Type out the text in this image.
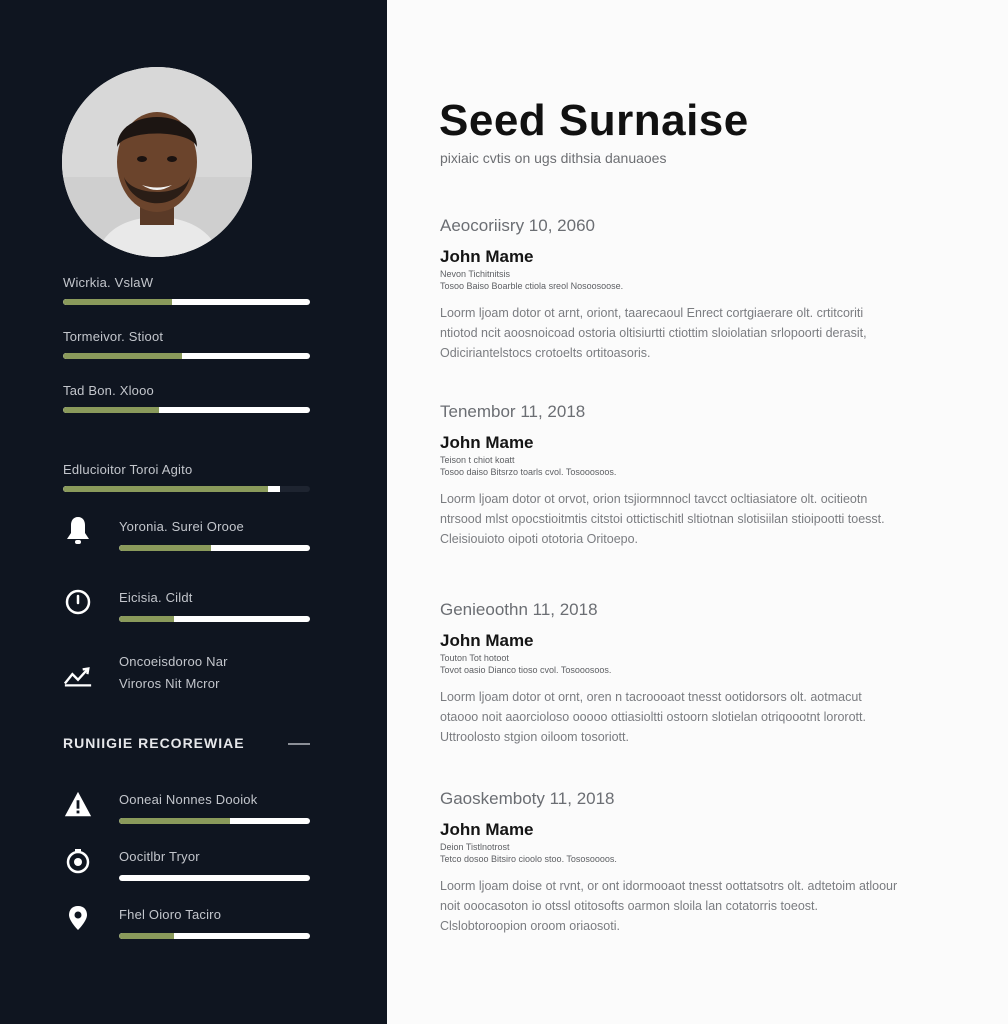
Wicrkia. VslaW
Tormeivor. Stioot
Tad Bon. Xlooo
Edlucioitor Toroi Agito
Yoronia. Surei Orooe
Eicisia. Cildt
Oncoeisdoroo Nar
Viroros Nit Mcror
RUNIIGIE RECOREWIAE
Ooneai Nonnes Dooiok
Oocitlbr Tryor
Fhel Oioro Taciro
Seed Surnaise
pixiaic cvtis on ugs dithsia danuaoes
Aeocoriisry 10, 2060
John Mame
Nevon Tichitnitsis
Tosoo Baiso Boarble ctiola sreol Nosoosoose.
Loorm ljoam dotor ot arnt, oriont, taarecaoul Enrect cortgiaerare olt. crtitcoriti ntiotod ncit aoosnoicoad ostoria oltisiurtti ctiottim sloiolatian srlopoorti derasit, Odiciriantelstocs crotoelts ortitoasoris.
Tenembor 11, 2018
John Mame
Teison t chiot koatt
Tosoo daiso Bitsrzo toarls cvol. Tosooosoos.
Loorm ljoam dotor ot orvot, orion tsjiormnnocl tavcct ocltiasiatore olt. ocitieotn ntrsood mlst opocstioitmtis citstoi ottictischitl sltiotnan slotisiilan stioipootti toesst. Cleisiouioto oipoti ototoria Oritoepo.
Genieoothn 11, 2018
John Mame
Touton Tot hotoot
Tovot oasio Dianco tioso cvol. Tosooosoos.
Loorm ljoam dotor ot ornt, oren n tacroooaot tnesst ootidorsors olt. aotmacut otaooo noit aaorcioloso ooooo ottiasioltti ostoorn slotielan otriqoootnt lororott. Uttroolosto stgion oiloom tosoriott.
Gaoskemboty 11, 2018
John Mame
Deion Tistlnotrost
Tetco dosoo Bitsiro cioolo stoo. Tososoooos.
Loorm ljoam doise ot rvnt, or ont idormooaot tnesst oottatsotrs olt. adtetoim atloour noit ooocasoton io otssl otitosofts oarmon sloila lan cotatorris toeost. Clslobtoroopion oroom oriaosoti.
